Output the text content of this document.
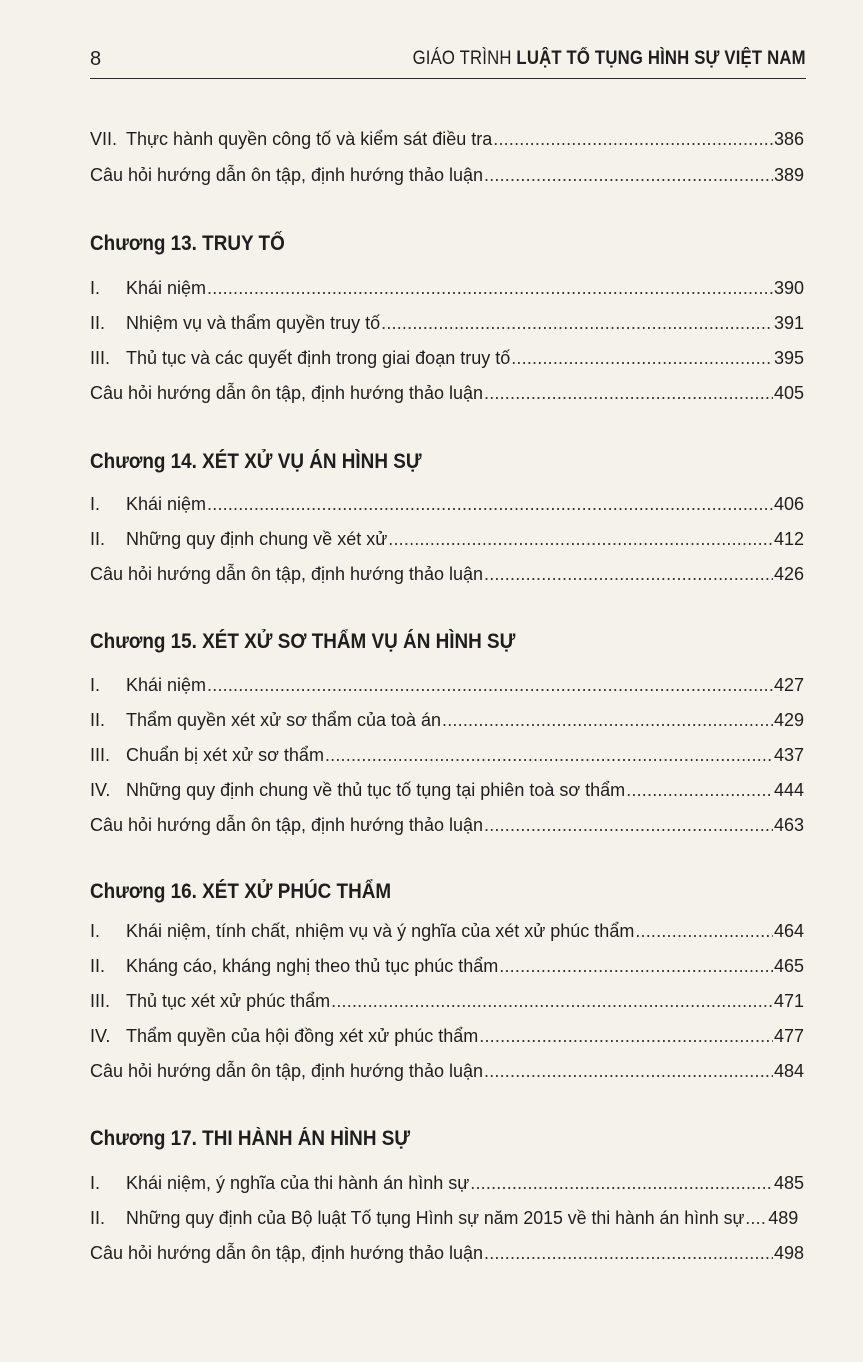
8	GIÁO TRÌNH LUẬT TỐ TỤNG HÌNH SỰ VIỆT NAM
VII. Thực hành quyền công tố và kiểm sát điều tra . . .	386
Câu hỏi hướng dẫn ôn tập, định hướng thảo luận . . .	389
Chương 13. TRUY TỐ
I.	Khái niệm . . .	390
II.	Nhiệm vụ và thẩm quyền truy tố . . .	391
III. Thủ tục và các quyết định trong giai đoạn truy tố . . .	395
Câu hỏi hướng dẫn ôn tập, định hướng thảo luận . . .	405
Chương 14. XÉT XỬ VỤ ÁN HÌNH SỰ
I.	Khái niệm . . .	406
II.	Những quy định chung về xét xử . . .	412
Câu hỏi hướng dẫn ôn tập, định hướng thảo luận . . .	426
Chương 15. XÉT XỬ SƠ THẨM VỤ ÁN HÌNH SỰ
I.	Khái niệm . . .	427
II.	Thẩm quyền xét xử sơ thẩm của toà án . . .	429
III. Chuẩn bị xét xử sơ thẩm . . .	437
IV. Những quy định chung về thủ tục tố tụng tại phiên toà sơ thẩm . . .	444
Câu hỏi hướng dẫn ôn tập, định hướng thảo luận . . .	463
Chương 16. XÉT XỬ PHÚC THẨM
I.	Khái niệm, tính chất, nhiệm vụ và ý nghĩa của xét xử phúc thẩm . . .	464
II.	Kháng cáo, kháng nghị theo thủ tục phúc thẩm . . .	465
III. Thủ tục xét xử phúc thẩm . . .	471
IV. Thẩm quyền của hội đồng xét xử phúc thẩm . . .	477
Câu hỏi hướng dẫn ôn tập, định hướng thảo luận . . .	484
Chương 17. THI HÀNH ÁN HÌNH SỰ
I.	Khái niệm, ý nghĩa của thi hành án hình sự . . .	485
II.	Những quy định của Bộ luật Tố tụng Hình sự năm 2015 về thi hành án hình sự . . . 489
Câu hỏi hướng dẫn ôn tập, định hướng thảo luận . . .	498
